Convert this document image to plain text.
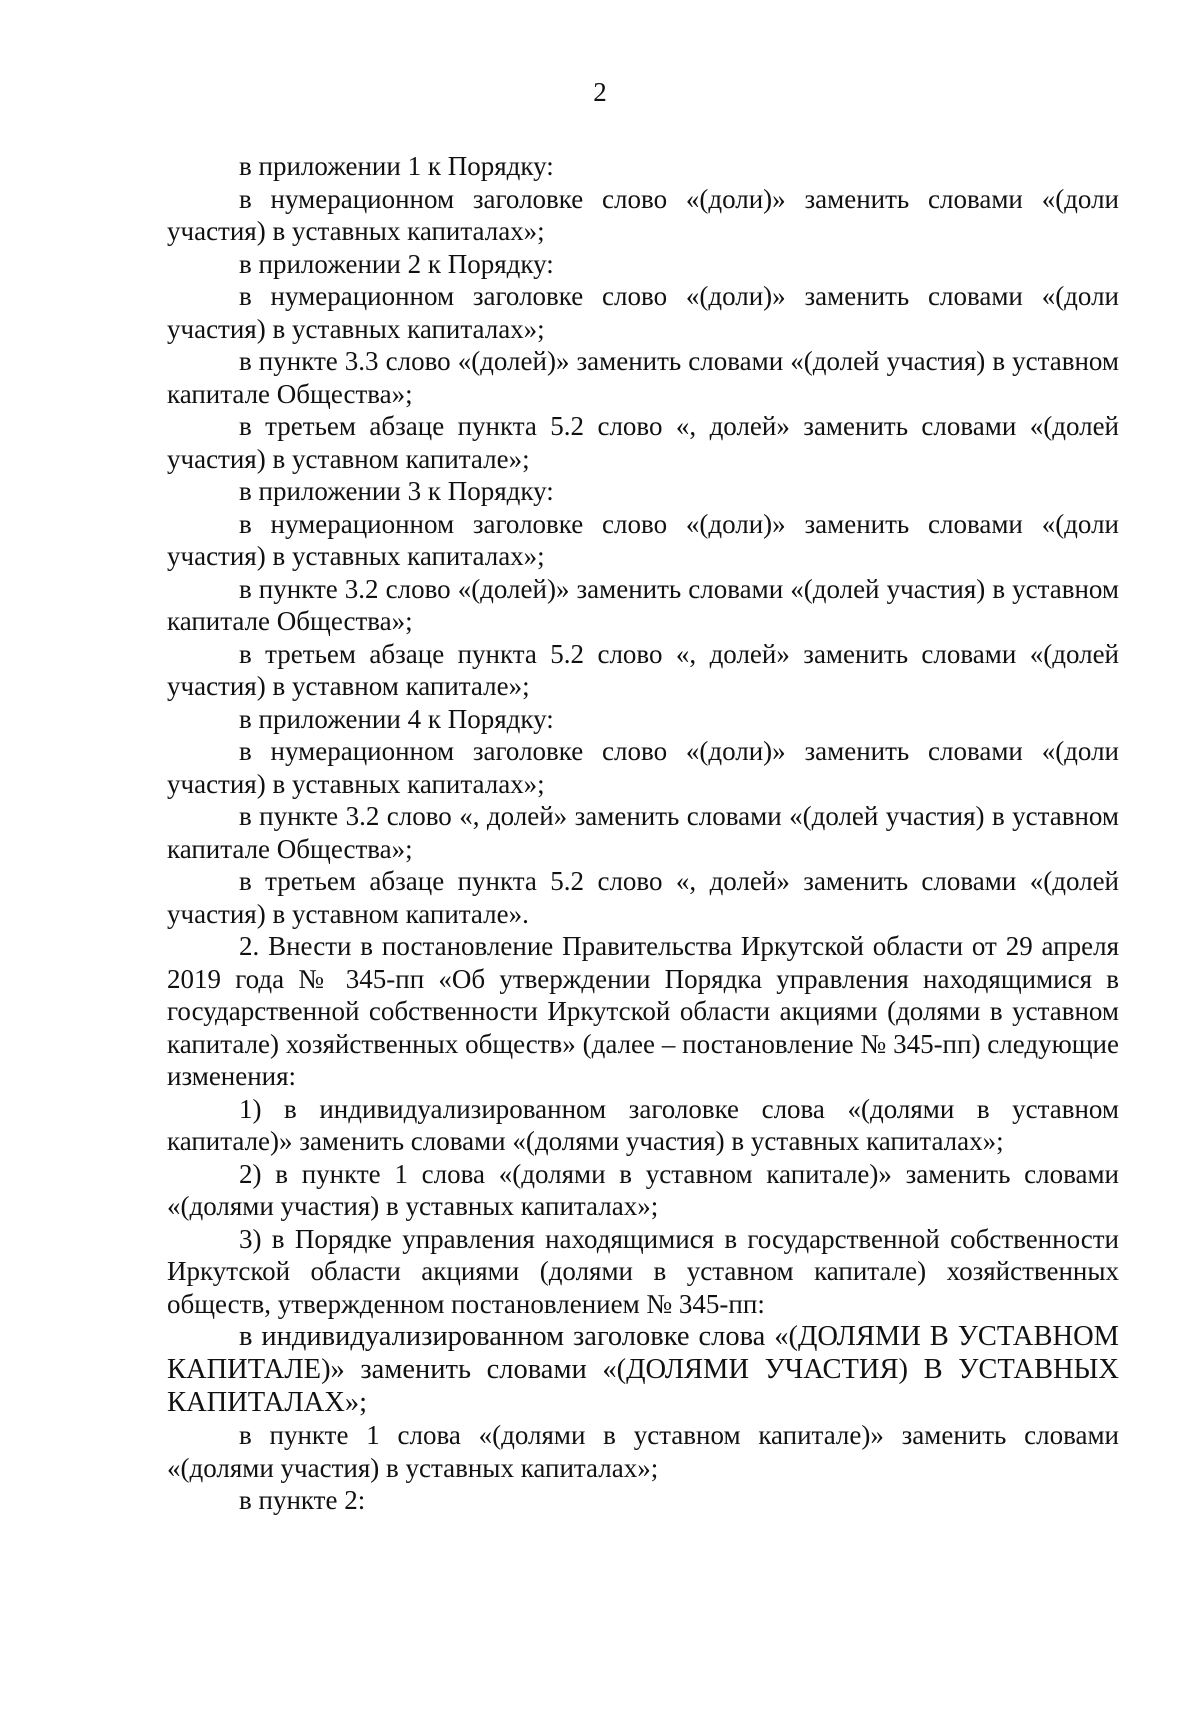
2

в приложении 1 к Порядку:

в нумерационном заголовке слово «(доли)» заменить словами «(доли участия) в уставных капиталах»;

в приложении 2 к Порядку:

в нумерационном заголовке слово «(доли)» заменить словами «(доли участия) в уставных капиталах»;

в пункте 3.3 слово «(долей)» заменить словами «(долей участия) в уставном капитале Общества»;

в третьем абзаце пункта 5.2 слово «, долей» заменить словами «(долей участия) в уставном капитале»;

в приложении 3 к Порядку:

в нумерационном заголовке слово «(доли)» заменить словами «(доли участия) в уставных капиталах»;

в пункте 3.2 слово «(долей)» заменить словами «(долей участия) в уставном капитале Общества»;

в третьем абзаце пункта 5.2 слово «, долей» заменить словами «(долей участия) в уставном капитале»;

в приложении 4 к Порядку:

в нумерационном заголовке слово «(доли)» заменить словами «(доли участия) в уставных капиталах»;

в пункте 3.2 слово «, долей» заменить словами «(долей участия) в уставном капитале Общества»;

в третьем абзаце пункта 5.2 слово «, долей» заменить словами «(долей участия) в уставном капитале».

2. Внести в постановление Правительства Иркутской области от 29 апреля 2019 года № 345-пп «Об утверждении Порядка управления находящимися в государственной собственности Иркутской области акциями (долями в уставном капитале) хозяйственных обществ» (далее – постановление № 345-пп) следующие изменения:

1) в индивидуализированном заголовке слова «(долями в уставном капитале)» заменить словами «(долями участия) в уставных капиталах»;

2) в пункте 1 слова «(долями в уставном капитале)» заменить словами «(долями участия) в уставных капиталах»;

3) в Порядке управления находящимися в государственной собственности Иркутской области акциями (долями в уставном капитале) хозяйственных обществ, утвержденном постановлением № 345-пп:

в индивидуализированном заголовке слова «(ДОЛЯМИ В УСТАВНОМ КАПИТАЛЕ)» заменить словами «(ДОЛЯМИ УЧАСТИЯ) В УСТАВНЫХ КАПИТАЛАХ»;

в пункте 1 слова «(долями в уставном капитале)» заменить словами «(долями участия) в уставных капиталах»;

в пункте 2:
